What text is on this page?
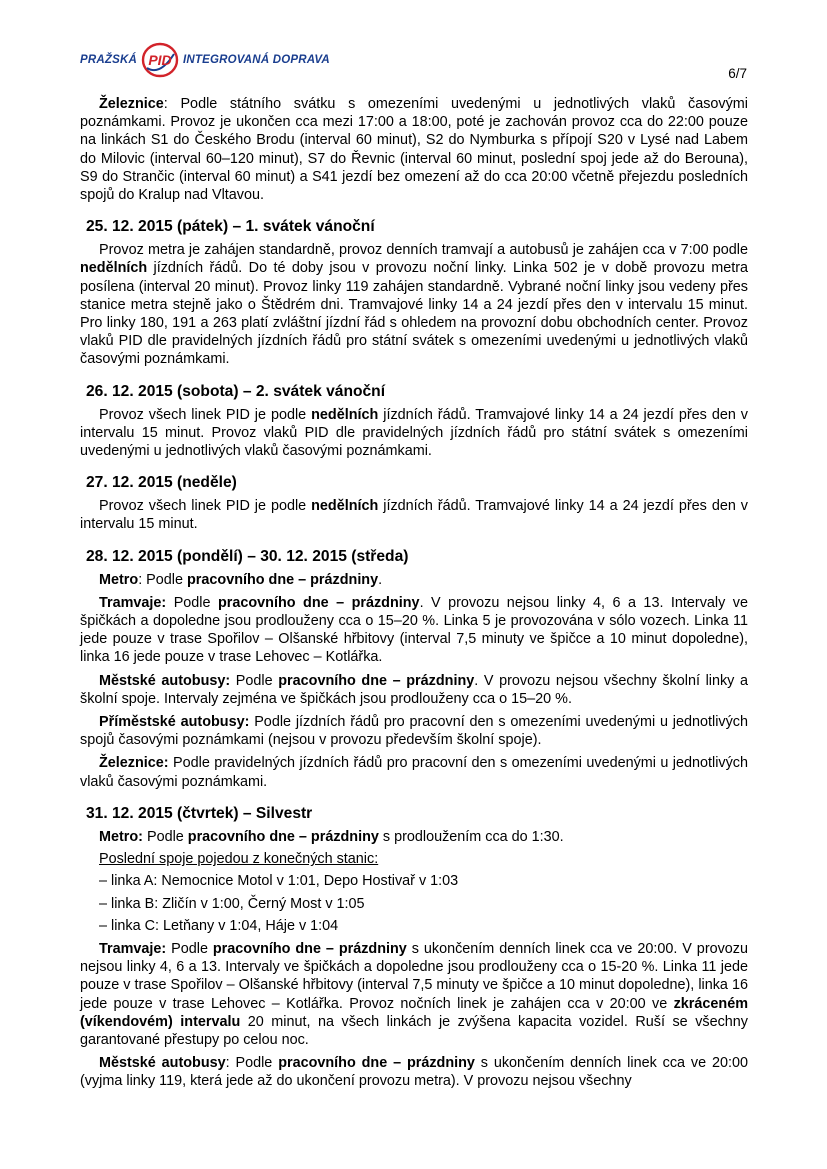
PRAŽSKÁ PID INTEGROVANÁ DOPRAVA
6/7

Železnice: Podle státního svátku s omezeními uvedenými u jednotlivých vlaků časovými poznámkami. Provoz je ukončen cca mezi 17:00 a 18:00, poté je zachován provoz cca do 22:00 pouze na linkách S1 do Českého Brodu (interval 60 minut), S2 do Nymburka s přípojí S20 v Lysé nad Labem do Milovic (interval 60–120 minut), S7 do Řevnic (interval 60 minut, poslední spoj jede až do Berouna), S9 do Strančic (interval 60 minut) a S41 jezdí bez omezení až do cca 20:00 včetně přejezdu posledních spojů do Kralup nad Vltavou.

25. 12. 2015 (pátek) – 1. svátek vánoční

Provoz metra je zahájen standardně, provoz denních tramvají a autobusů je zahájen cca v 7:00 podle nedělních jízdních řádů. Do té doby jsou v provozu noční linky. Linka 502 je v době provozu metra posílena (interval 20 minut). Provoz linky 119 zahájen standardně. Vybrané noční linky jsou vedeny přes stanice metra stejně jako o Štědrém dni. Tramvajové linky 14 a 24 jezdí přes den v intervalu 15 minut. Pro linky 180, 191 a 263 platí zvláštní jízdní řád s ohledem na provozní dobu obchodních center. Provoz vlaků PID dle pravidelných jízdních řádů pro státní svátek s omezeními uvedenými u jednotlivých vlaků časovými poznámkami.

26. 12. 2015 (sobota) – 2. svátek vánoční

Provoz všech linek PID je podle nedělních jízdních řádů. Tramvajové linky 14 a 24 jezdí přes den v intervalu 15 minut. Provoz vlaků PID dle pravidelných jízdních řádů pro státní svátek s omezeními uvedenými u jednotlivých vlaků časovými poznámkami.

27. 12. 2015 (neděle)

Provoz všech linek PID je podle nedělních jízdních řádů. Tramvajové linky 14 a 24 jezdí přes den v intervalu 15 minut.

28. 12. 2015 (pondělí) – 30. 12. 2015 (středa)

Metro: Podle pracovního dne – prázdniny.

Tramvaje: Podle pracovního dne – prázdniny. V provozu nejsou linky 4, 6 a 13. Intervaly ve špičkách a dopoledne jsou prodlouženy cca o 15–20 %. Linka 5 je provozována v sólo vozech. Linka 11 jede pouze v trase Spořilov – Olšanské hřbitovy (interval 7,5 minuty ve špičce a 10 minut dopoledne), linka 16 jede pouze v trase Lehovec – Kotlářka.

Městské autobusy: Podle pracovního dne – prázdniny. V provozu nejsou všechny školní linky a školní spoje. Intervaly zejména ve špičkách jsou prodlouženy cca o 15–20 %.

Příměstské autobusy: Podle jízdních řádů pro pracovní den s omezeními uvedenými u jednotlivých spojů časovými poznámkami (nejsou v provozu především školní spoje).

Železnice: Podle pravidelných jízdních řádů pro pracovní den s omezeními uvedenými u jednotlivých vlaků časovými poznámkami.

31. 12. 2015 (čtvrtek) – Silvestr

Metro: Podle pracovního dne – prázdniny s prodloužením cca do 1:30.

Poslední spoje pojedou z konečných stanic:

– linka A: Nemocnice Motol v 1:01, Depo Hostivař v 1:03

– linka B: Zličín v 1:00, Černý Most v 1:05

– linka C: Letňany v 1:04, Háje v 1:04

Tramvaje: Podle pracovního dne – prázdniny s ukončením denních linek cca ve 20:00. V provozu nejsou linky 4, 6 a 13. Intervaly ve špičkách a dopoledne jsou prodlouženy cca o 15-20 %. Linka 11 jede pouze v trase Spořilov – Olšanské hřbitovy (interval 7,5 minuty ve špičce a 10 minut dopoledne), linka 16 jede pouze v trase Lehovec – Kotlářka. Provoz nočních linek je zahájen cca v 20:00 ve zkráceném (víkendovém) intervalu 20 minut, na všech linkách je zvýšena kapacita vozidel. Ruší se všechny garantované přestupy po celou noc.

Městské autobusy: Podle pracovního dne – prázdniny s ukončením denních linek cca ve 20:00 (vyjma linky 119, která jede až do ukončení provozu metra). V provozu nejsou všechny
